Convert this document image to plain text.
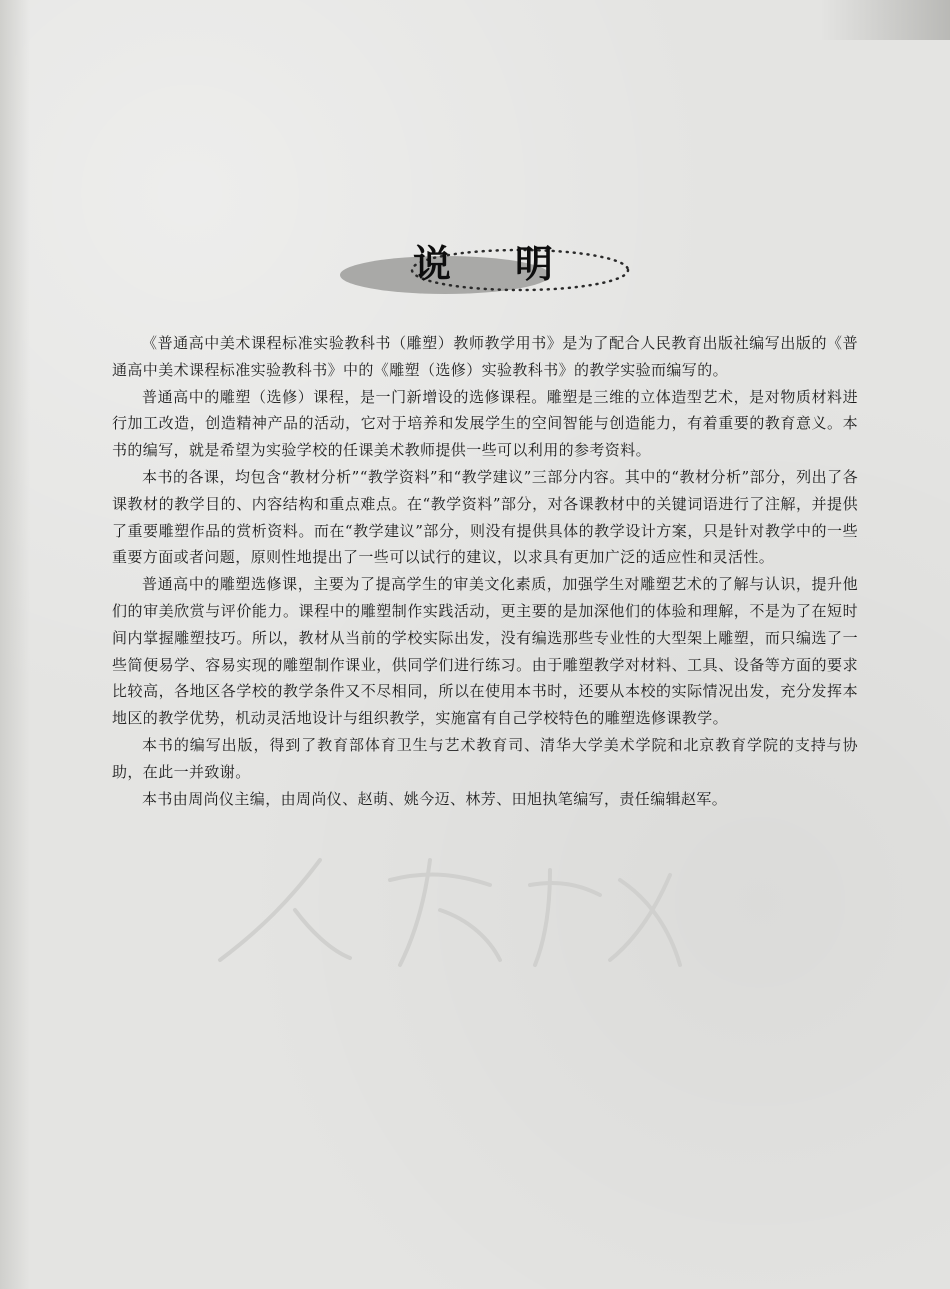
说 明

《普通高中美术课程标准实验教科书（雕塑）教师教学用书》是为了配合人民教育出版社编写出版的《普通高中美术课程标准实验教科书》中的《雕塑（选修）实验教科书》的教学实验而编写的。

普通高中的雕塑（选修）课程，是一门新增设的选修课程。雕塑是三维的立体造型艺术，是对物质材料进行加工改造，创造精神产品的活动，它对于培养和发展学生的空间智能与创造能力，有着重要的教育意义。本书的编写，就是希望为实验学校的任课美术教师提供一些可以利用的参考资料。

本书的各课，均包含“教材分析”“教学资料”和“教学建议”三部分内容。其中的“教材分析”部分，列出了各课教材的教学目的、内容结构和重点难点。在“教学资料”部分，对各课教材中的关键词语进行了注解，并提供了重要雕塑作品的赏析资料。而在“教学建议”部分，则没有提供具体的教学设计方案，只是针对教学中的一些重要方面或者问题，原则性地提出了一些可以试行的建议，以求具有更加广泛的适应性和灵活性。

普通高中的雕塑选修课，主要为了提高学生的审美文化素质，加强学生对雕塑艺术的了解与认识，提升他们的审美欣赏与评价能力。课程中的雕塑制作实践活动，更主要的是加深他们的体验和理解，不是为了在短时间内掌握雕塑技巧。所以，教材从当前的学校实际出发，没有编选那些专业性的大型架上雕塑，而只编选了一些简便易学、容易实现的雕塑制作课业，供同学们进行练习。由于雕塑教学对材料、工具、设备等方面的要求比较高，各地区各学校的教学条件又不尽相同，所以在使用本书时，还要从本校的实际情况出发，充分发挥本地区的教学优势，机动灵活地设计与组织教学，实施富有自己学校特色的雕塑选修课教学。

本书的编写出版，得到了教育部体育卫生与艺术教育司、清华大学美术学院和北京教育学院的支持与协助，在此一并致谢。

本书由周尚仪主编，由周尚仪、赵萌、姚今迈、林芳、田旭执笔编写，责任编辑赵军。
